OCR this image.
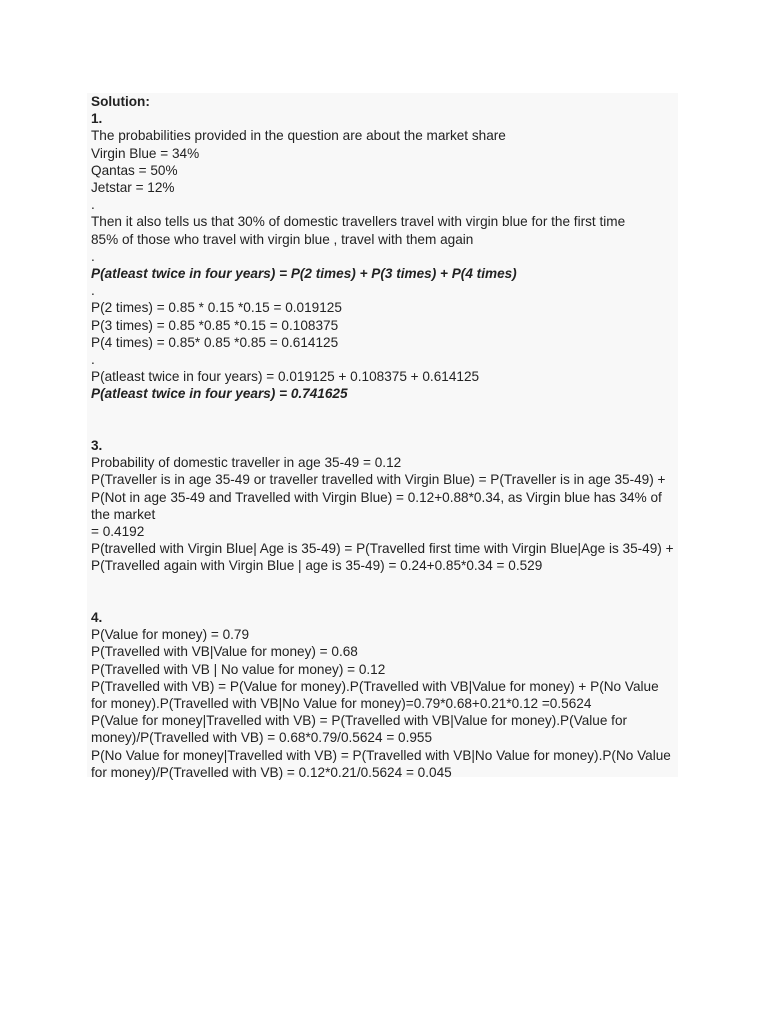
Solution:
1.
The probabilities provided in the question are about the market share
Virgin Blue = 34%
Qantas = 50%
Jetstar = 12%
.
Then it also tells us that 30% of domestic travellers travel with virgin blue for the first time
85% of those who travel with virgin blue , travel with them again
.
P(atleast twice in four years) = P(2 times) + P(3 times) + P(4 times)
.
P(2 times) = 0.85 * 0.15 *0.15 = 0.019125
P(3 times) = 0.85 *0.85 *0.15 = 0.108375
P(4 times) = 0.85* 0.85 *0.85 = 0.614125
.
P(atleast twice in four years) = 0.019125 + 0.108375 + 0.614125
P(atleast twice in four years) = 0.741625
3.
Probability of domestic traveller in age 35-49 = 0.12
P(Traveller is in age 35-49 or traveller travelled with Virgin Blue) = P(Traveller is in age 35-49) + P(Not in age 35-49 and Travelled with Virgin Blue) = 0.12+0.88*0.34, as Virgin blue has 34% of the market
= 0.4192
P(travelled with Virgin Blue| Age is 35-49) = P(Travelled first time with Virgin Blue|Age is 35-49) + P(Travelled again with Virgin Blue | age is 35-49) = 0.24+0.85*0.34 = 0.529
4.
P(Value for money) = 0.79
P(Travelled with VB|Value for money) = 0.68
P(Travelled with VB | No value for money) = 0.12
P(Travelled with VB) = P(Value for money).P(Travelled with VB|Value for money) + P(No Value for money).P(Travelled with VB|No Value for money)=0.79*0.68+0.21*0.12 =0.5624
P(Value for money|Travelled with VB) = P(Travelled with VB|Value for money).P(Value for money)/P(Travelled with VB) = 0.68*0.79/0.5624 = 0.955
P(No Value for money|Travelled with VB) = P(Travelled with VB|No Value for money).P(No Value for money)/P(Travelled with VB) = 0.12*0.21/0.5624 = 0.045
